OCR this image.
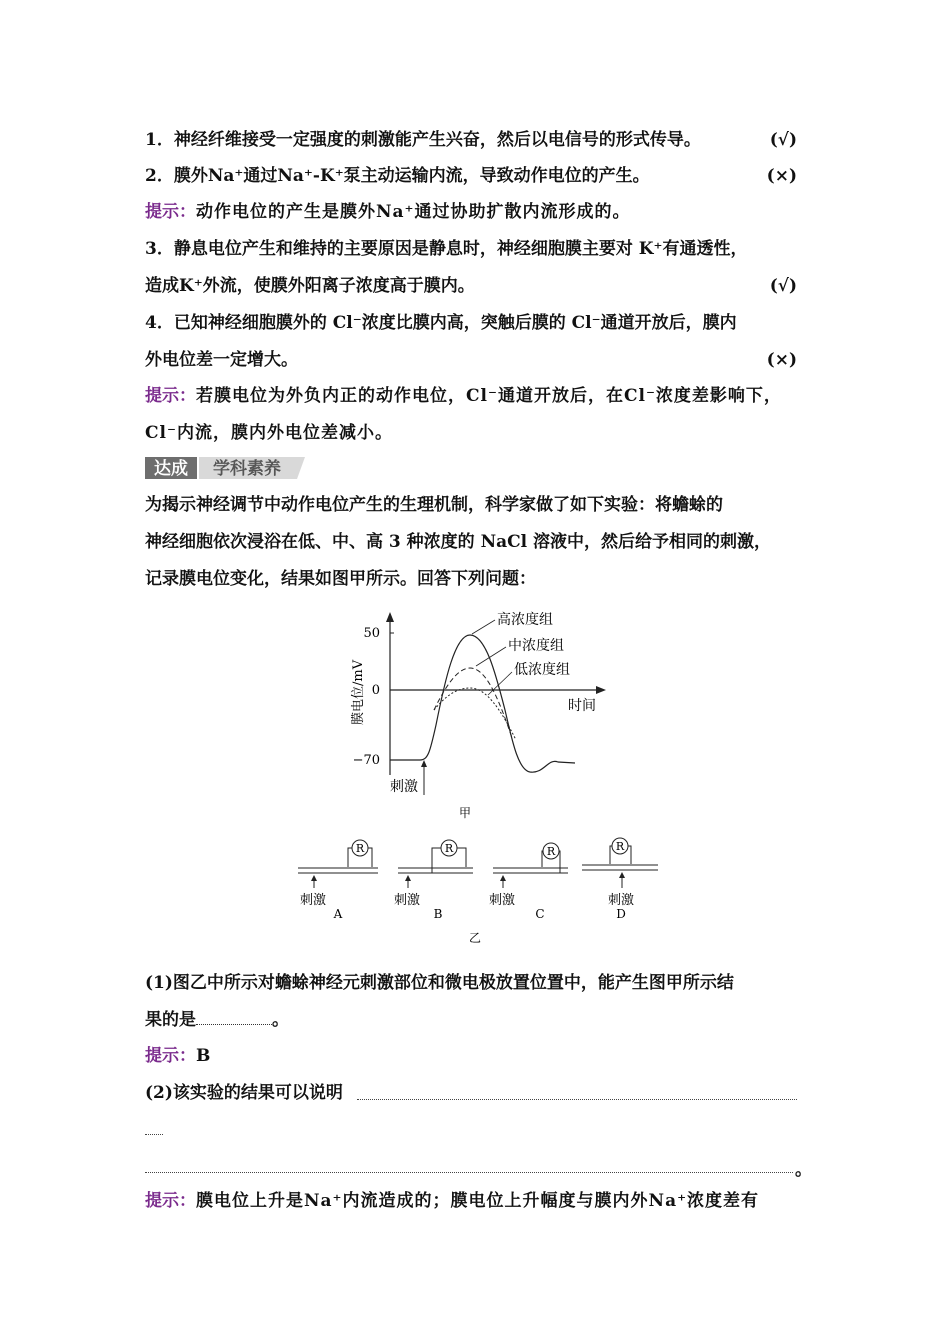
1．神经纤维接受一定强度的刺激能产生兴奋，然后以电信号的形式传导。	(√)
2．膜外Na⁺通过Na⁺-K⁺泵主动运输内流，导致动作电位的产生。	(×)
提示：动作电位的产生是膜外Na⁺通过协助扩散内流形成的。
3．静息电位产生和维持的主要原因是静息时，神经细胞膜主要对 K⁺有通透性，
造成K⁺外流，使膜外阳离子浓度高于膜内。	(√)
4．已知神经细胞膜外的 Cl⁻浓度比膜内高，突触后膜的 Cl⁻通道开放后，膜内
外电位差一定增大。	(×)
提示：若膜电位为外负内正的动作电位，Cl⁻通道开放后，在Cl⁻浓度差影响下，
Cl⁻内流，膜内外电位差减小。
达成 学科素养
为揭示神经调节中动作电位产生的生理机制，科学家做了如下实验：将蟾蜍的
神经细胞依次浸浴在低、中、高 3 种浓度的 NaCl 溶液中，然后给予相同的刺激，
记录膜电位变化，结果如图甲所示。回答下列问题：
50
0
−70
膜电位/mV	时间
高浓度组
中浓度组
低浓度组
刺激
甲
R
刺激
A
R
刺激
B
R
刺激
C
R
刺激
D
乙
(1)图乙中所示对蟾蜍神经元刺激部位和微电极放置位置中，能产生图甲所示结
果的是	。
提示：B
(2)该实验的结果可以说明
。
提示：膜电位上升是Na⁺内流造成的；膜电位上升幅度与膜内外Na⁺浓度差有
